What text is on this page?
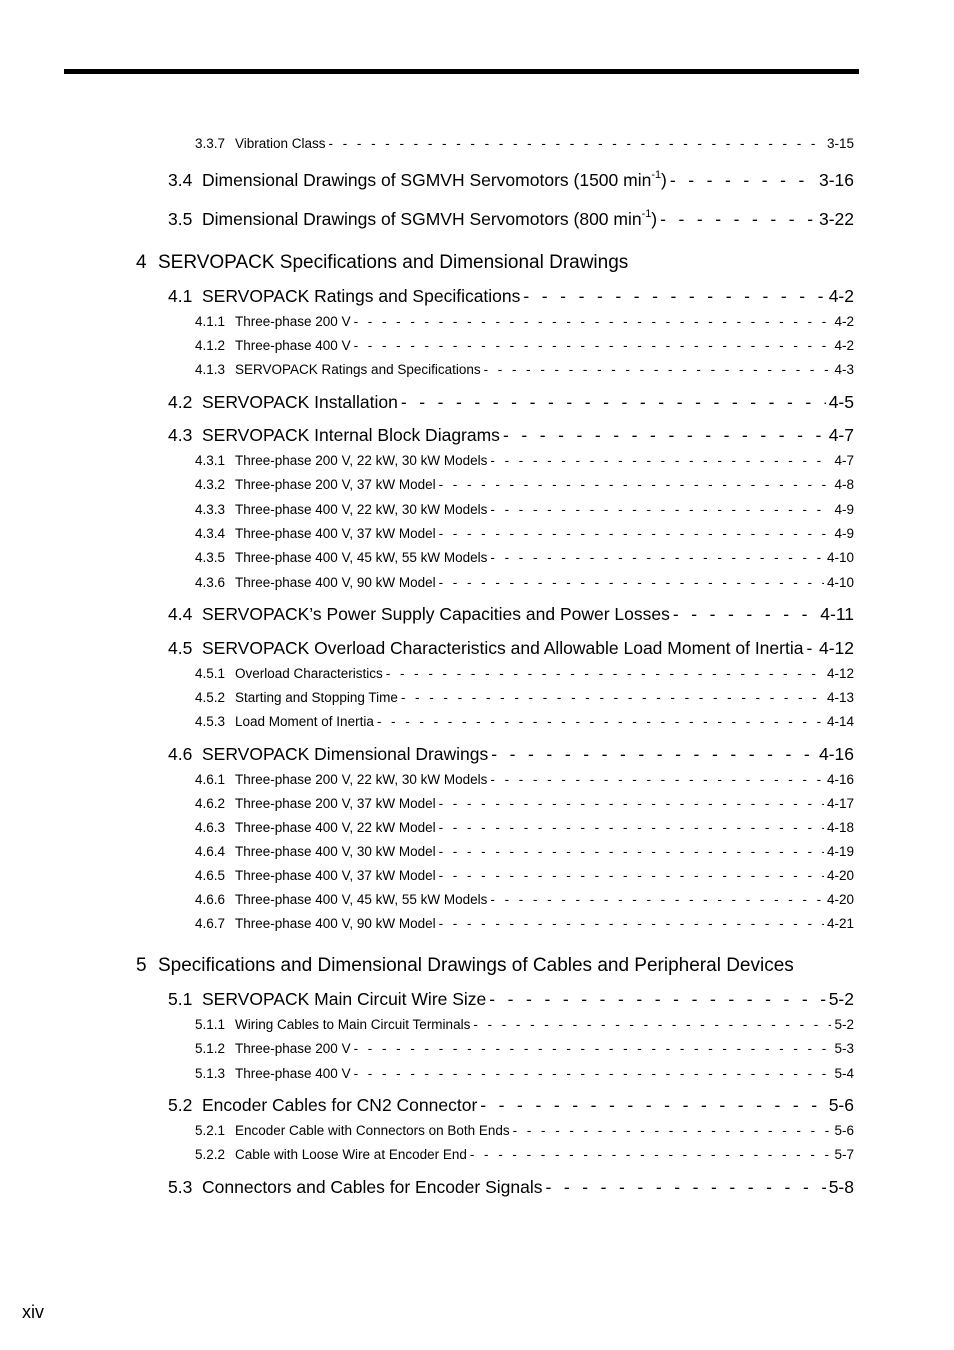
3.3.7 Vibration Class - - -	3-15
3.4 Dimensional Drawings of SGMVH Servomotors (1500 $\min^{-1}$) - - -	3-16
3.5 Dimensional Drawings of SGMVH Servomotors (800 $\min^{-1}$) - - -	3-22
4 SERVOPACK Specifications and Dimensional Drawings
4.1 SERVOPACK Ratings and Specifications - - -	4-2
4.1.1 Three-phase 200 V - - -	4-2
4.1.2 Three-phase 400 V - - -	4-2
4.1.3 SERVOPACK Ratings and Specifications - - -	4-3
4.2 SERVOPACK Installation - - -	4-5
4.3 SERVOPACK Internal Block Diagrams - - -	4-7
4.3.1 Three-phase 200 V, 22 kW, 30 kW Models - - -	4-7
4.3.2 Three-phase 200 V, 37 kW Model - - -	4-8
4.3.3 Three-phase 400 V, 22 kW, 30 kW Models - - -	4-9
4.3.4 Three-phase 400 V, 37 kW Model - - -	4-9
4.3.5 Three-phase 400 V, 45 kW, 55 kW Models - - -	4-10
4.3.6 Three-phase 400 V, 90 kW Model - - -	4-10
4.4 SERVOPACK’s Power Supply Capacities and Power Losses - - -	4-11
4.5 SERVOPACK Overload Characteristics and Allowable Load Moment of Inertia - - - 4-12
4.5.1 Overload Characteristics - - -	4-12
4.5.2 Starting and Stopping Time - - -	4-13
4.5.3 Load Moment of Inertia - - -	4-14
4.6 SERVOPACK Dimensional Drawings - - -	4-16
4.6.1 Three-phase 200 V, 22 kW, 30 kW Models - - -	4-16
4.6.2 Three-phase 200 V, 37 kW Model - - -	4-17
4.6.3 Three-phase 400 V, 22 kW Model - - -	4-18
4.6.4 Three-phase 400 V, 30 kW Model - - -	4-19
4.6.5 Three-phase 400 V, 37 kW Model - - -	4-20
4.6.6 Three-phase 400 V, 45 kW, 55 kW Models - - -	4-20
4.6.7 Three-phase 400 V, 90 kW Model - - -	4-21
5 Specifications and Dimensional Drawings of Cables and Peripheral Devices
5.1 SERVOPACK Main Circuit Wire Size - - -	5-2
5.1.1 Wiring Cables to Main Circuit Terminals - - -	5-2
5.1.2 Three-phase 200 V - - -	5-3
5.1.3 Three-phase 400 V - - -	5-4
5.2 Encoder Cables for CN2 Connector - - -	5-6
5.2.1 Encoder Cable with Connectors on Both Ends - - -	5-6
5.2.2 Cable with Loose Wire at Encoder End - - -	5-7
5.3 Connectors and Cables for Encoder Signals - - -	5-8
xiv
